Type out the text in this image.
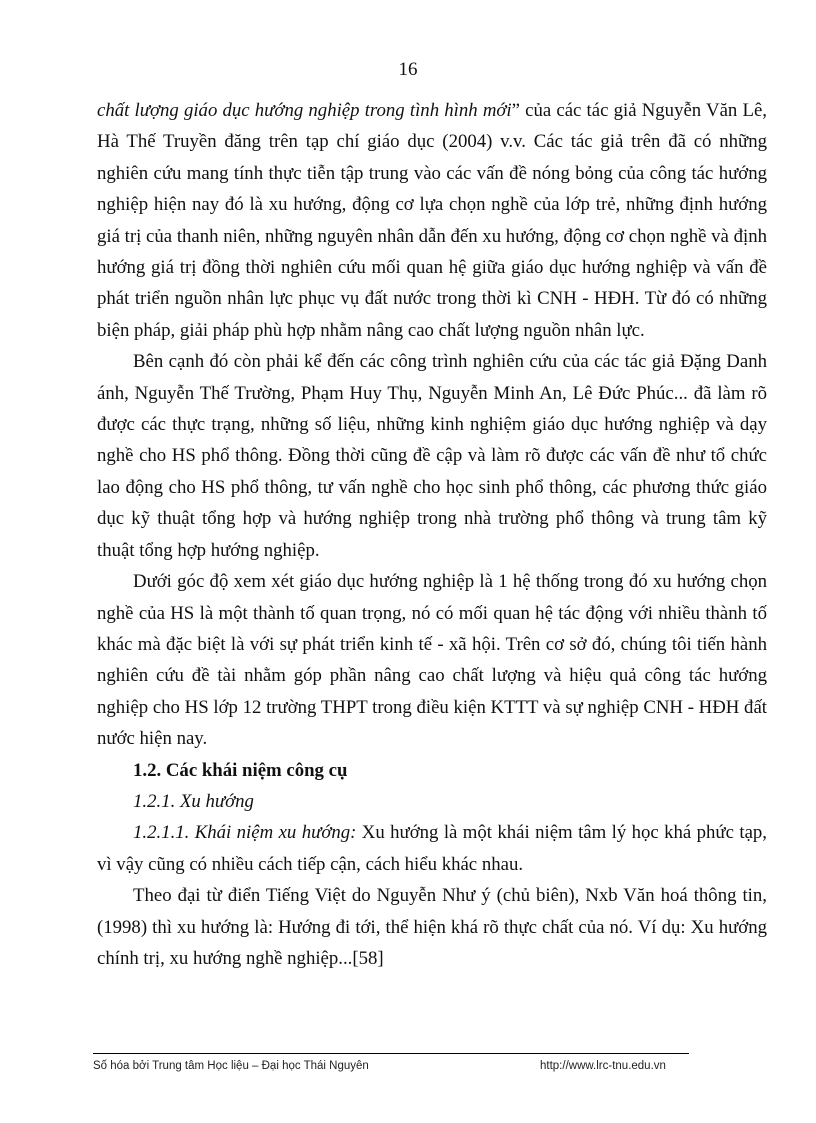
16

chất lượng giáo dục hướng nghiệp trong tình hình mới” của các tác giả Nguyễn Văn Lê, Hà Thế Truyền đăng trên tạp chí giáo dục (2004) v.v. Các tác giả trên đã có những nghiên cứu mang tính thực tiễn tập trung vào các vấn đề nóng bỏng của công tác hướng nghiệp hiện nay đó là xu hướng, động cơ lựa chọn nghề của lớp trẻ, những định hướng giá trị của thanh niên, những nguyên nhân dẫn đến xu hướng, động cơ chọn nghề và định hướng giá trị đồng thời nghiên cứu mối quan hệ giữa giáo dục hướng nghiệp và vấn đề phát triển nguồn nhân lực phục vụ đất nước trong thời kì CNH - HĐH. Từ đó có những biện pháp, giải pháp phù hợp nhằm nâng cao chất lượng nguồn nhân lực.

Bên cạnh đó còn phải kể đến các công trình nghiên cứu của các tác giả Đặng Danh ánh, Nguyễn Thế Trường, Phạm Huy Thụ, Nguyễn Minh An, Lê Đức Phúc... đã làm rõ được các thực trạng, những số liệu, những kinh nghiệm giáo dục hướng nghiệp và dạy nghề cho HS phổ thông. Đồng thời cũng đề cập và làm rõ được các vấn đề như tổ chức lao động cho HS phổ thông, tư vấn nghề cho học sinh phổ thông, các phương thức giáo dục kỹ thuật tổng hợp và hướng nghiệp trong nhà trường phổ thông và trung tâm kỹ thuật tổng hợp hướng nghiệp.

Dưới góc độ xem xét giáo dục hướng nghiệp là 1 hệ thống trong đó xu hướng chọn nghề của HS là một thành tố quan trọng, nó có mối quan hệ tác động với nhiều thành tố khác mà đặc biệt là với sự phát triển kinh tế - xã hội. Trên cơ sở đó, chúng tôi tiến hành nghiên cứu đề tài nhằm góp phần nâng cao chất lượng và hiệu quả công tác hướng nghiệp cho HS lớp 12 trường THPT trong điều kiện KTTT và sự nghiệp CNH - HĐH đất nước hiện nay.

1.2. Các khái niệm công cụ

1.2.1. Xu hướng

1.2.1.1. Khái niệm xu hướng: Xu hướng là một khái niệm tâm lý học khá phức tạp, vì vậy cũng có nhiều cách tiếp cận, cách hiểu khác nhau.

Theo đại từ điển Tiếng Việt do Nguyễn Như ý (chủ biên), Nxb Văn hoá thông tin, (1998) thì xu hướng là: Hướng đi tới, thể hiện khá rõ thực chất của nó. Ví dụ: Xu hướng chính trị, xu hướng nghề nghiệp...[58]

Số hóa bởi Trung tâm Học liệu – Đại học Thái Nguyên	http://www.lrc-tnu.edu.vn
